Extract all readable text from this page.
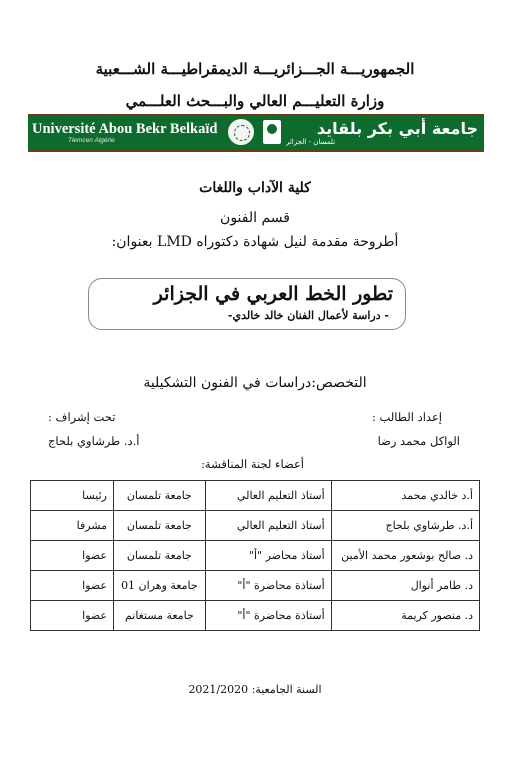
الجمهوريـــة الجـــزائريـــة الديمقراطيـــة الشـــعبية
وزارة التعليـــم العالي والبـــحث العلـــمي
Université Abou Bekr Belkaïd
Tlemcen Algérie
جامعة أبي بكر بلقايد
تلمسان - الجزائر
كلية الآداب واللغات
قسم الفنون
أطروحة مقدمة لنيل شهادة دكتوراه LMD بعنوان:
تطور الخط العربي في الجزائر
- دراسة لأعمال الفنان خالد خالدي-
التخصص:دراسات في الفنون التشكيلية
إعداد الطالب :
الواكل محمد رضا
تحت إشراف :
أ.د. طرشاوي بلحاج
أعضاء لجنة المناقشة:
أ.د خالدي محمد	أستاذ التعليم العالي	جامعة تلمسان	رئيسا
أ.د. طرشاوي بلحاج	أستاذ التعليم العالي	جامعة تلمسان	مشرفا
د. صالح بوشعور محمد الأمين	أستاذ محاضر "أ"	جامعة تلمسان	عضوا
د. طامر أنوال	أستاذة محاضرة "أ"	جامعة وهران 01	عضوا
د. منصور كريمة	أستاذة محاضرة "أ"	جامعة مستغانم	عضوا
السنة الجامعية: 2021/2020
